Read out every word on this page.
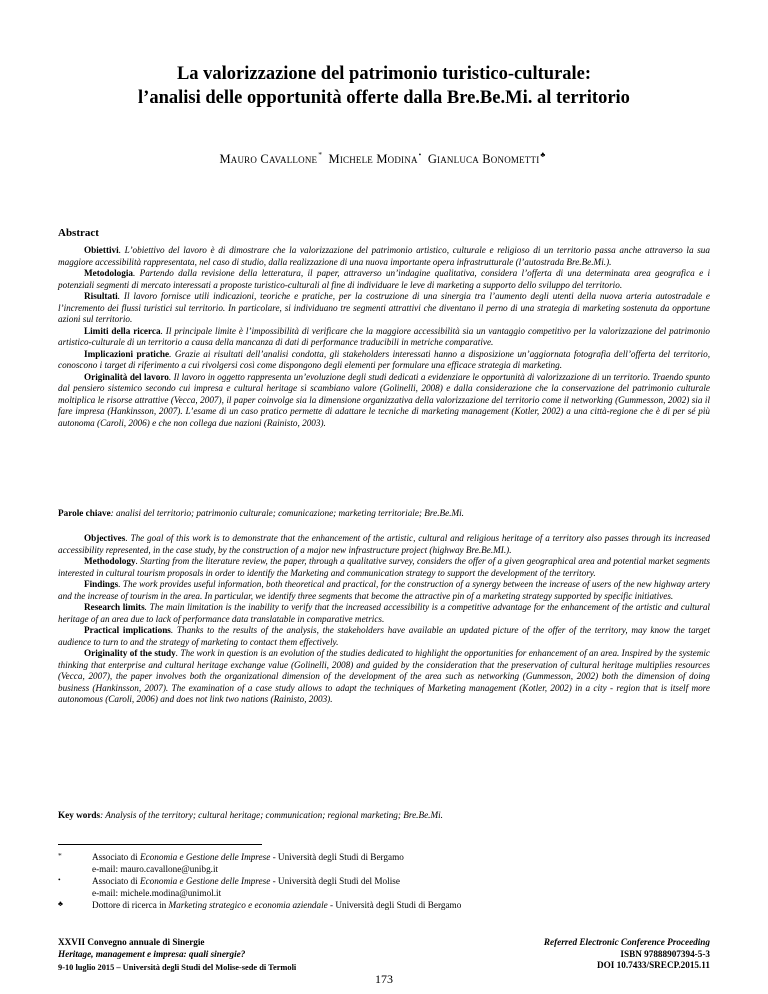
La valorizzazione del patrimonio turistico-culturale:
l’analisi delle opportunità offerte dalla Bre.Be.Mi. al territorio
Mauro Cavallone* Michele Modina• Gianluca Bonometti♣
Abstract

Obiettivi. L’obiettivo del lavoro è di dimostrare che la valorizzazione del patrimonio artistico, culturale e religioso di un territorio passa anche attraverso la sua maggiore accessibilità rappresentata, nel caso di studio, dalla realizzazione di una nuova importante opera infrastrutturale (l’autostrada Bre.Be.Mi.).

Metodologia. Partendo dalla revisione della letteratura, il paper, attraverso un’indagine qualitativa, considera l’offerta di una determinata area geografica e i potenziali segmenti di mercato interessati a proposte turistico-culturali al fine di individuare le leve di marketing a supporto dello sviluppo del territorio.

Risultati. Il lavoro fornisce utili indicazioni, teoriche e pratiche, per la costruzione di una sinergia tra l’aumento degli utenti della nuova arteria autostradale e l’incremento dei flussi turistici sul territorio. In particolare, si individuano tre segmenti attrattivi che diventano il perno di una strategia di marketing sostenuta da opportune azioni sul territorio.

Limiti della ricerca. Il principale limite è l’impossibilità di verificare che la maggiore accessibilità sia un vantaggio competitivo per la valorizzazione del patrimonio artistico-culturale di un territorio a causa della mancanza di dati di performance traducibili in metriche comparative.

Implicazioni pratiche. Grazie ai risultati dell’analisi condotta, gli stakeholders interessati hanno a disposizione un’aggiornata fotografia dell’offerta del territorio, conoscono i target di riferimento a cui rivolgersi così come dispongono degli elementi per formulare una efficace strategia di marketing.

Originalità del lavoro. Il lavoro in oggetto rappresenta un’evoluzione degli studi dedicati a evidenziare le opportunità di valorizzazione di un territorio. Traendo spunto dal pensiero sistemico secondo cui impresa e cultural heritage si scambiano valore (Golinelli, 2008) e dalla considerazione che la conservazione del patrimonio culturale moltiplica le risorse attrattive (Vecca, 2007), il paper coinvolge sia la dimensione organizzativa della valorizzazione del territorio come il networking (Gummesson, 2002) sia il fare impresa (Hankinsson, 2007). L’esame di un caso pratico permette di adattare le tecniche di marketing management (Kotler, 2002) a una città-regione che è di per sé più autonoma (Caroli, 2006) e che non collega due nazioni (Rainisto, 2003).

Parole chiave: analisi del territorio; patrimonio culturale; comunicazione; marketing territoriale; Bre.Be.Mi.

Objectives. The goal of this work is to demonstrate that the enhancement of the artistic, cultural and religious heritage of a territory also passes through its increased accessibility represented, in the case study, by the construction of a major new infrastructure project (highway Bre.Be.MI.).

Methodology. Starting from the literature review, the paper, through a qualitative survey, considers the offer of a given geographical area and potential market segments interested in cultural tourism proposals in order to identify the Marketing and communication strategy to support the development of the territory.

Findings. The work provides useful information, both theoretical and practical, for the construction of a synergy between the increase of users of the new highway artery and the increase of tourism in the area. In particular, we identify three segments that become the attractive pin of a marketing strategy supported by specific initiatives.

Research limits. The main limitation is the inability to verify that the increased accessibility is a competitive advantage for the enhancement of the artistic and cultural heritage of an area due to lack of performance data translatable in comparative metrics.

Practical implications. Thanks to the results of the analysis, the stakeholders have available an updated picture of the offer of the territory, may know the target audience to turn to and the strategy of marketing to contact them effectively.

Originality of the study. The work in question is an evolution of the studies dedicated to highlight the opportunities for enhancement of an area. Inspired by the systemic thinking that enterprise and cultural heritage exchange value (Golinelli, 2008) and guided by the consideration that the preservation of cultural heritage multiplies resources (Vecca, 2007), the paper involves both the organizational dimension of the development of the area such as networking (Gummesson, 2002) both the dimension of doing business (Hankinsson, 2007). The examination of a case study allows to adapt the techniques of Marketing management (Kotler, 2002) in a city - region that is itself more autonomous (Caroli, 2006) and does not link two nations (Rainisto, 2003).

Key words: Analysis of the territory; cultural heritage; communication; regional marketing; Bre.Be.Mi.
*	Associato di Economia e Gestione delle Imprese - Università degli Studi di Bergamo
e-mail: mauro.cavallone@unibg.it
•	Associato di Economia e Gestione delle Imprese - Università degli Studi del Molise
e-mail: michele.modina@unimol.it
♣	Dottore di ricerca in Marketing strategico e economia aziendale - Università degli Studi di Bergamo
XXVII Convegno annuale di Sinergie
Heritage, management e impresa: quali sinergie?
9-10 luglio 2015 – Università degli Studi del Molise-sede di Termoli
Referred Electronic Conference Proceeding
ISBN 97888907394-5-3
DOI 10.7433/SRECP.2015.11
173
